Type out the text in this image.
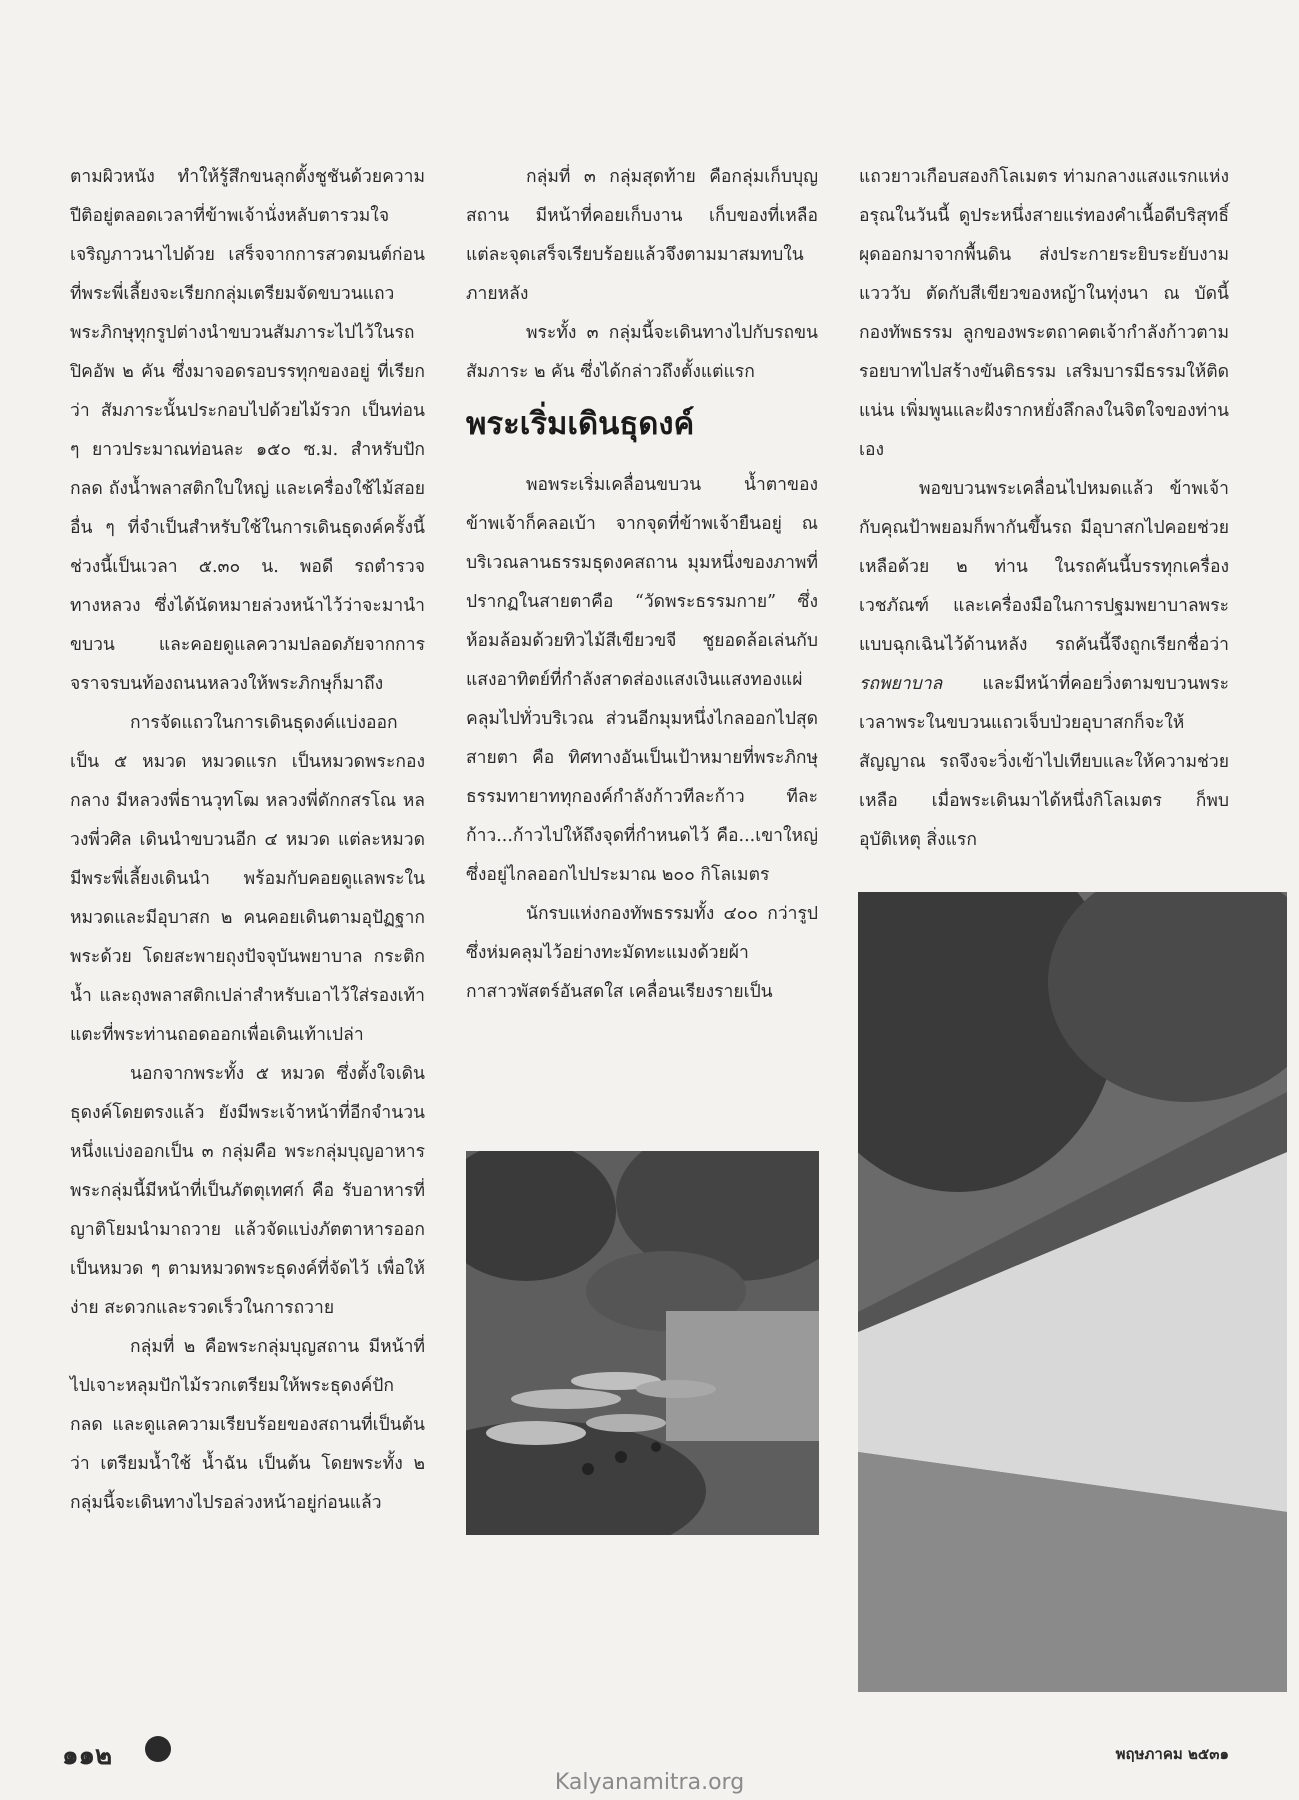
ตามผิวหนัง ทำให้รู้สึกขนลุกตั้งชูชันด้วยความปีติอยู่ตลอดเวลาที่ข้าพเจ้านั่งหลับตารวมใจเจริญภาวนาไปด้วย เสร็จจากการสวดมนต์ก่อนที่พระพี่เลี้ยงจะเรียกกลุ่มเตรียมจัดขบวนแถว พระภิกษุทุกรูปต่างนำขบวนสัมภาระไปไว้ในรถปิคอัพ ๒ คัน ซึ่งมาจอดรอบรรทุกของอยู่ ที่เรียกว่า สัมภาระนั้นประกอบไปด้วยไม้รวก เป็นท่อน ๆ ยาวประมาณท่อนละ ๑๕๐ ซ.ม. สำหรับปักกลด ถังน้ำพลาสติกใบใหญ่ และเครื่องใช้ไม้สอยอื่น ๆ ที่จำเป็นสำหรับใช้ในการเดินธุดงค์ครั้งนี้ ช่วงนี้เป็นเวลา ๕.๓๐ น. พอดี รถตำรวจทางหลวง ซึ่งได้นัดหมายล่วงหน้าไว้ว่าจะมานำขบวน และคอยดูแลความปลอดภัยจากการจราจรบนท้องถนนหลวงให้พระภิกษุก็มาถึง

การจัดแถวในการเดินธุดงค์แบ่งออกเป็น ๕ หมวด หมวดแรก เป็นหมวดพระกองกลาง มีหลวงพี่ธานวุทโฒ หลวงพี่ดักกสรโณ หลวงพี่วศิล เดินนำขบวนอีก ๔ หมวด แต่ละหมวดมีพระพี่เลี้ยงเดินนำ พร้อมกับคอยดูแลพระในหมวดและมีอุบาสก ๒ คนคอยเดินตามอุปัฏฐากพระด้วย โดยสะพายถุงปัจจุบันพยาบาล กระติกน้ำ และถุงพลาสติกเปล่าสำหรับเอาไว้ใส่รองเท้าแตะที่พระท่านถอดออกเพื่อเดินเท้าเปล่า

นอกจากพระทั้ง ๕ หมวด ซึ่งตั้งใจเดินธุดงค์โดยตรงแล้ว ยังมีพระเจ้าหน้าที่อีกจำนวนหนึ่งแบ่งออกเป็น ๓ กลุ่มคือ พระกลุ่มบุญอาหาร พระกลุ่มนี้มีหน้าที่เป็นภัตตุเทศก์ คือ รับอาหารที่ญาติโยมนำมาถวาย แล้วจัดแบ่งภัตตาหารออกเป็นหมวด ๆ ตามหมวดพระธุดงค์ที่จัดไว้ เพื่อให้ง่าย สะดวกและรวดเร็วในการถวาย

กลุ่มที่ ๒ คือพระกลุ่มบุญสถาน มีหน้าที่ไปเจาะหลุมปักไม้รวกเตรียมให้พระธุดงค์ปักกลด และดูแลความเรียบร้อยของสถานที่เป็นต้นว่า เตรียมน้ำใช้ น้ำฉัน เป็นต้น โดยพระทั้ง ๒ กลุ่มนี้จะเดินทางไปรอล่วงหน้าอยู่ก่อนแล้ว

กลุ่มที่ ๓ กลุ่มสุดท้าย คือกลุ่มเก็บบุญสถาน มีหน้าที่คอยเก็บงาน เก็บของที่เหลือแต่ละจุดเสร็จเรียบร้อยแล้วจึงตามมาสมทบในภายหลัง

พระทั้ง ๓ กลุ่มนี้จะเดินทางไปกับรถขนสัมภาระ ๒ คัน ซึ่งได้กล่าวถึงตั้งแต่แรก

พระเริ่มเดินธุดงค์

พอพระเริ่มเคลื่อนขบวน น้ำตาของข้าพเจ้าก็คลอเบ้า จากจุดที่ข้าพเจ้ายืนอยู่ ณ บริเวณลานธรรมธุดงคสถาน มุมหนึ่งของภาพที่ปรากฏในสายตาคือ “วัดพระธรรมกาย” ซึ่งห้อมล้อมด้วยทิวไม้สีเขียวขจี ชูยอดล้อเล่นกับแสงอาทิตย์ที่กำลังสาดส่องแสงเงินแสงทองแผ่คลุมไปทั่วบริเวณ ส่วนอีกมุมหนึ่งไกลออกไปสุดสายตา คือ ทิศทางอันเป็นเป้าหมายที่พระภิกษุธรรมทายาททุกองค์กำลังก้าวทีละก้าว ทีละก้าว...ก้าวไปให้ถึงจุดที่กำหนดไว้ คือ...เขาใหญ่ ซึ่งอยู่ไกลออกไปประมาณ ๒๐๐ กิโลเมตร

นักรบแห่งกองทัพธรรมทั้ง ๔๐๐ กว่ารูป ซึ่งห่มคลุมไว้อย่างทะมัดทะแมงด้วยผ้ากาสาวพัสตร์อันสดใส เคลื่อนเรียงรายเป็น

แถวยาวเกือบสองกิโลเมตร ท่ามกลางแสงแรกแห่งอรุณในวันนี้ ดูประหนึ่งสายแร่ทองคำเนื้อดีบริสุทธิ์ผุดออกมาจากพื้นดิน ส่งประกายระยิบระยับงามแวววับ ตัดกับสีเขียวของหญ้าในทุ่งนา ณ บัดนี้กองทัพธรรม ลูกของพระตถาคตเจ้ากำลังก้าวตามรอยบาทไปสร้างขันติธรรม เสริมบารมีธรรมให้ติดแน่น เพิ่มพูนและฝังรากหยั่งลึกลงในจิตใจของท่านเอง

พอขบวนพระเคลื่อนไปหมดแล้ว ข้าพเจ้ากับคุณป้าพยอมก็พากันขึ้นรถ มีอุบาสกไปคอยช่วยเหลือด้วย ๒ ท่าน ในรถคันนี้บรรทุกเครื่องเวชภัณฑ์ และเครื่องมือในการปฐมพยาบาลพระแบบฉุกเฉินไว้ด้านหลัง รถคันนี้จึงถูกเรียกชื่อว่า รถพยาบาล และมีหน้าที่คอยวิ่งตามขบวนพระ เวลาพระในขบวนแถวเจ็บป่วยอุบาสกก็จะให้สัญญาณ รถจึงจะวิ่งเข้าไปเทียบและให้ความช่วยเหลือ เมื่อพระเดินมาได้หนึ่งกิโลเมตร ก็พบอุบัติเหตุ สิ่งแรก

๑๑๒	พฤษภาคม ๒๕๓๑
Kalyanamitra.org
